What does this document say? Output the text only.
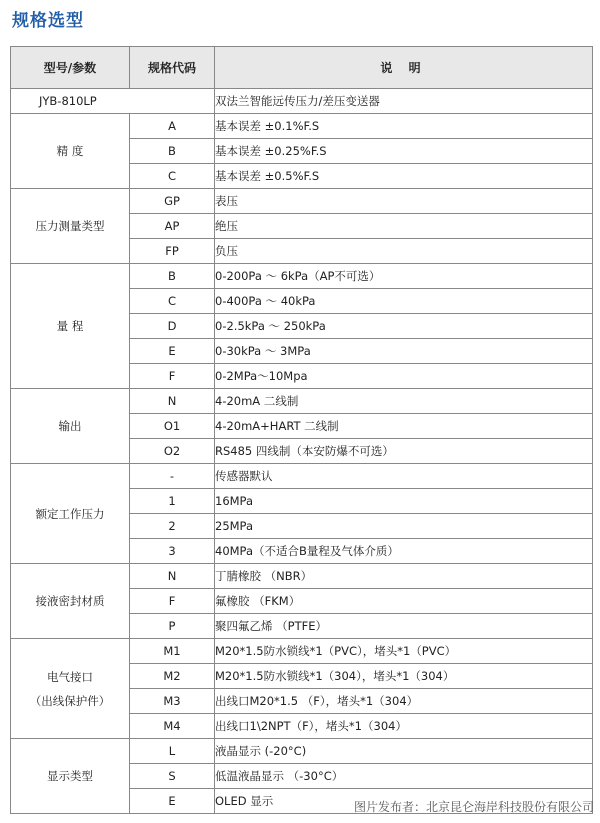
规格选型
型号/参数	规格代码	说 明
JYB-810LP		双法兰智能远传压力/差压变送器
精 度	A	基本误差 ±0.1%F.S
	B	基本误差 ±0.25%F.S
	C	基本误差 ±0.5%F.S
压力测量类型	GP	表压
	AP	绝压
	FP	负压
量 程	B	0-200Pa ～ 6kPa（AP不可选）
	C	0-400Pa ～ 40kPa
	D	0-2.5kPa ～ 250kPa
	E	0-30kPa ～ 3MPa
	F	0-2MPa～10Mpa
输出	N	4-20mA 二线制
	O1	4-20mA+HART 二线制
	O2	RS485 四线制（本安防爆不可选）
额定工作压力	-	传感器默认
	1	16MPa
	2	25MPa
	3	40MPa（不适合B量程及气体介质）
接液密封材质	N	丁腈橡胶 （NBR）
	F	氟橡胶 （FKM）
	P	聚四氟乙烯 （PTFE）
电气接口
（出线保护件）	M1	M20*1.5防水锁线*1（PVC），堵头*1（PVC）
	M2	M20*1.5防水锁线*1（304），堵头*1（304）
	M3	出线口M20*1.5 （F），堵头*1（304）
	M4	出线口1\2NPT（F），堵头*1（304）
显示类型	L	液晶显示 (-20°C)
	S	低温液晶显示 （-30°C）
	E	OLED 显示	图片发布者：北京昆仑海岸科技股份有限公司
